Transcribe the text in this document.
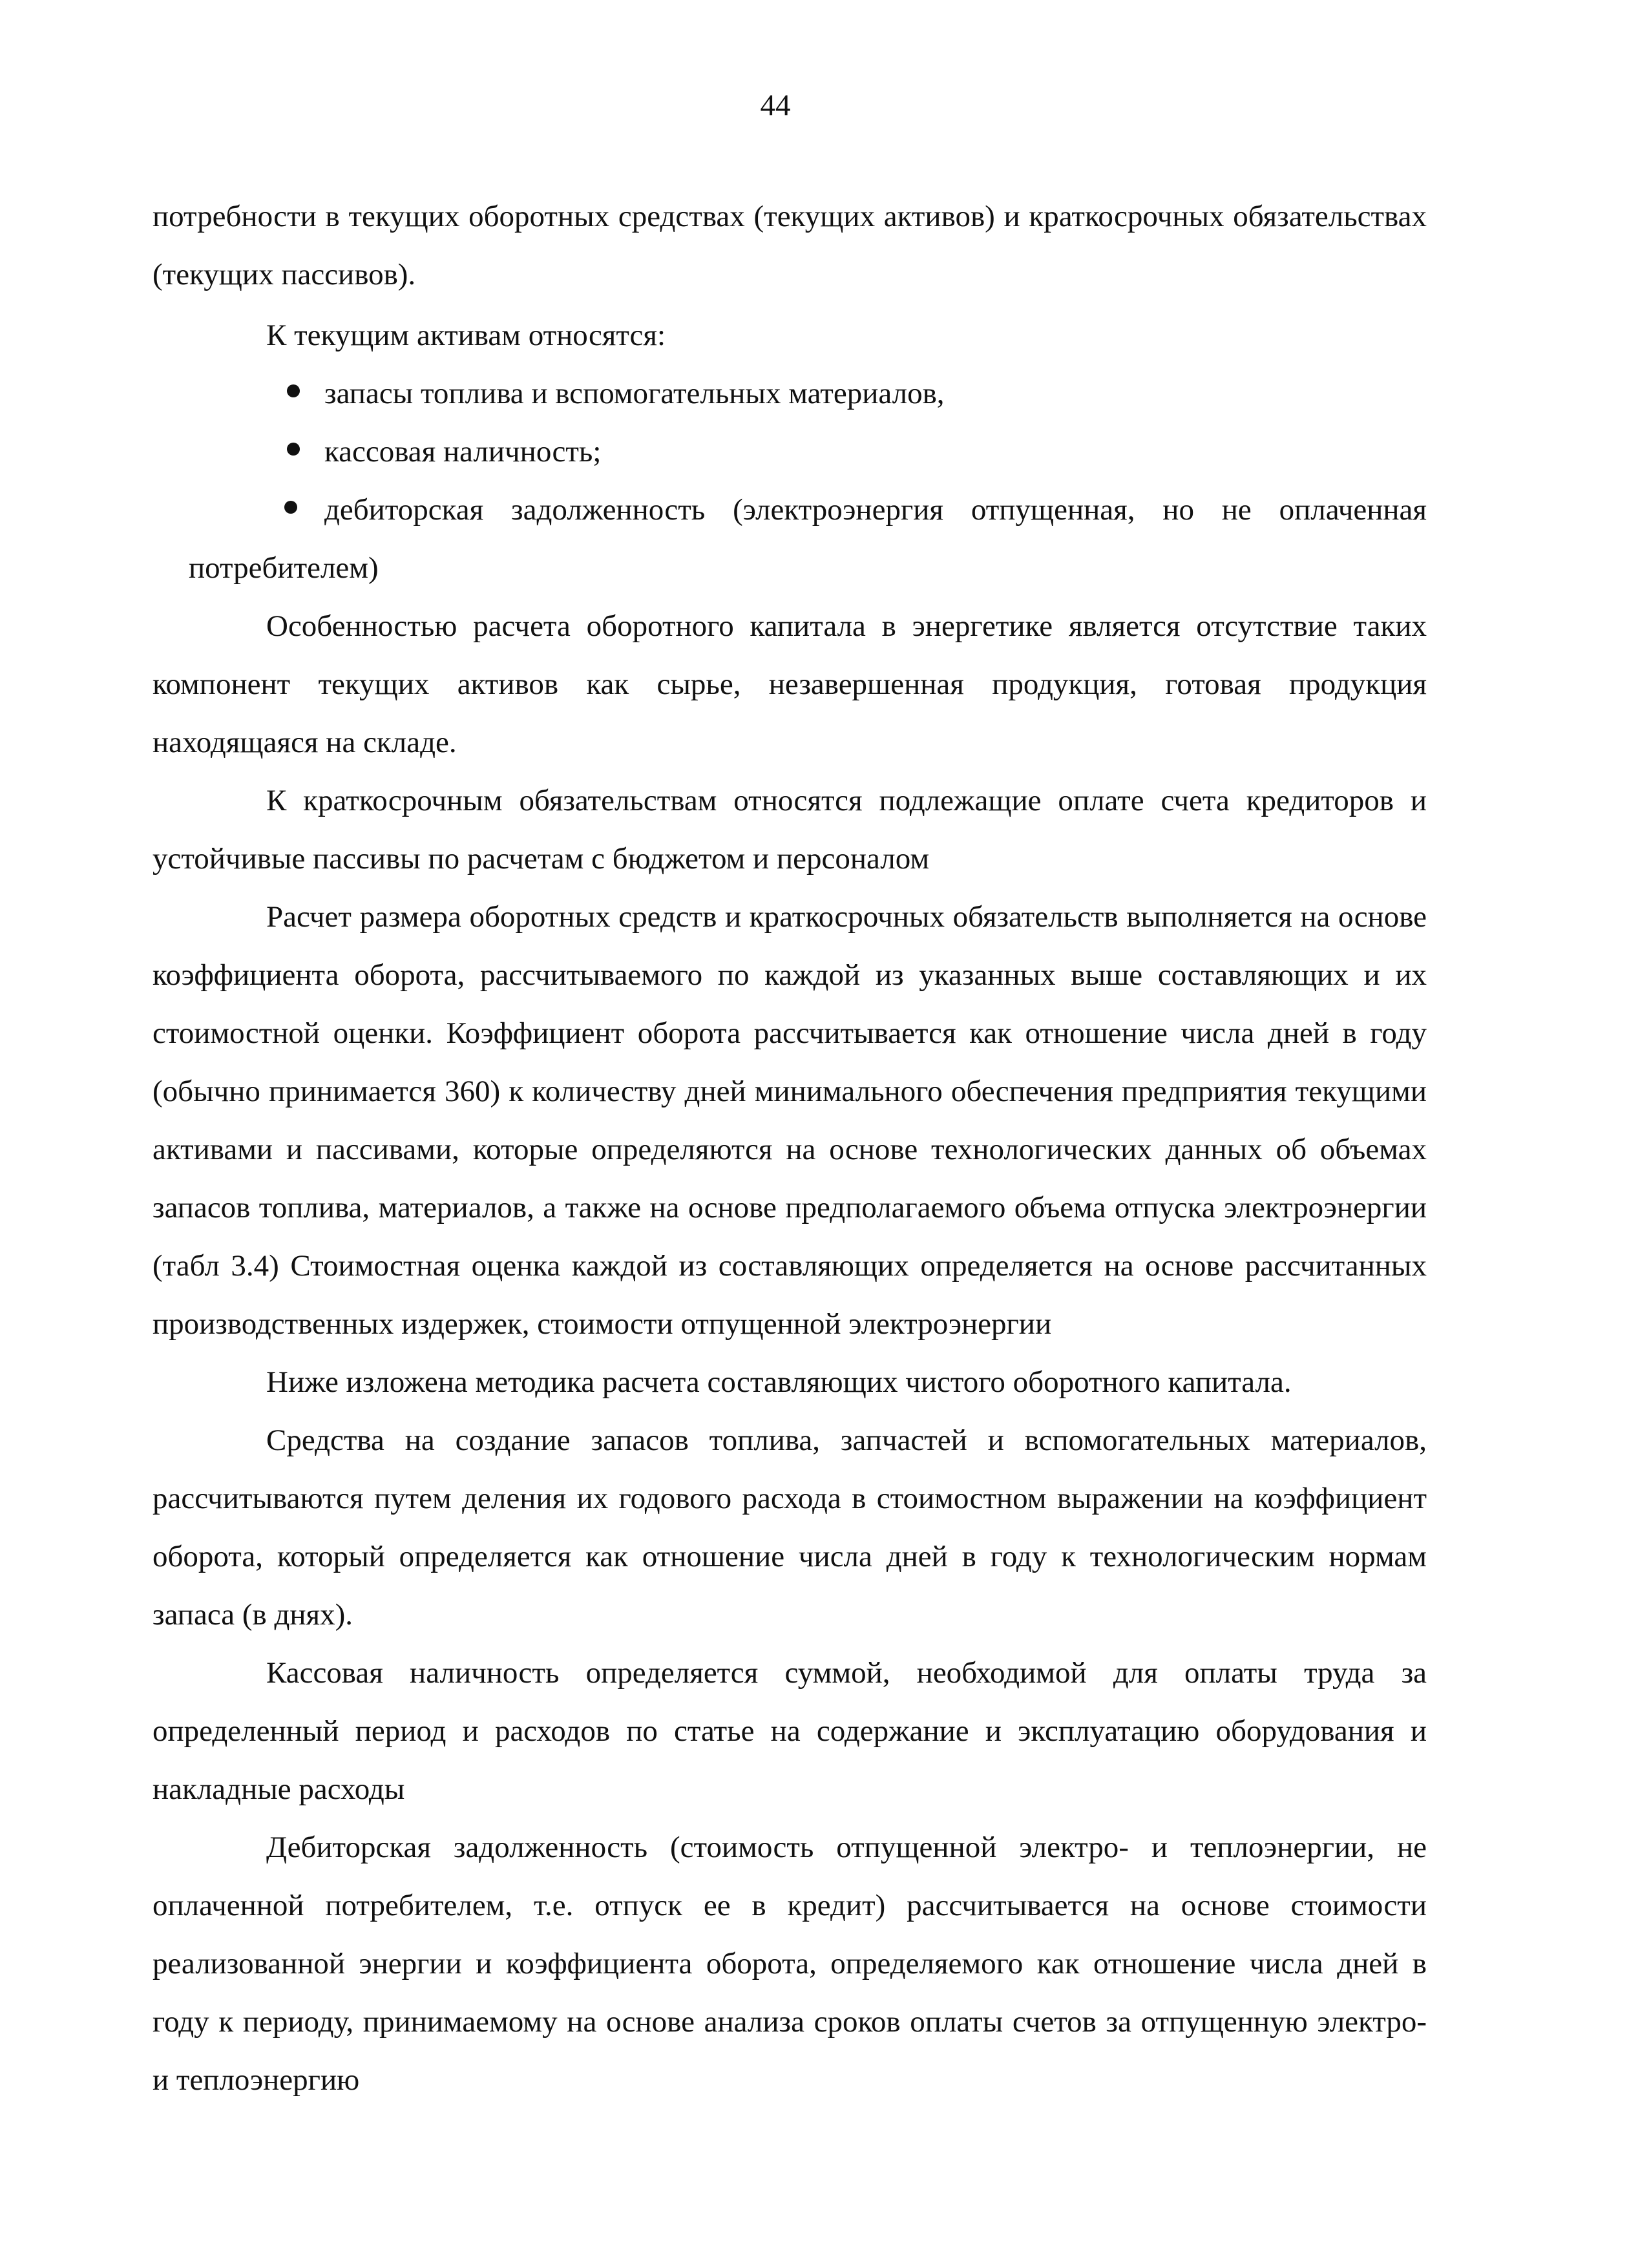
44

потребности в текущих оборотных средствах (текущих активов) и краткосрочных обязательствах (текущих пассивов).

К текущим активам относятся:

запасы топлива и вспомогательных материалов,
кассовая наличность;
дебиторская задолженность (электроэнергия отпущенная, но не оплаченная потребителем)

Особенностью расчета оборотного капитала в энергетике является отсутствие таких компонент текущих активов как сырье, незавершенная продукция, готовая продукция находящаяся на складе.

К краткосрочным обязательствам относятся подлежащие оплате счета кредиторов и устойчивые пассивы по расчетам с бюджетом и персоналом

Расчет размера оборотных средств и краткосрочных обязательств выполняется на основе коэффициента оборота, рассчитываемого по каждой из указанных выше составляющих и их стоимостной оценки. Коэффициент оборота рассчитывается как отношение числа дней в году (обычно принимается 360) к количеству дней минимального обеспечения предприятия текущими активами и пассивами, которые определяются на основе технологических данных об объемах запасов топлива, материалов, а также на основе предполагаемого объема отпуска электроэнергии (табл 3.4) Стоимостная оценка каждой из составляющих определяется на основе рассчитанных производственных издержек, стоимости отпущенной электроэнергии

Ниже изложена методика расчета составляющих чистого оборотного капитала.

Средства на создание запасов топлива, запчастей и вспомогательных материалов, рассчитываются путем деления их годового расхода в стоимостном выражении на коэффициент оборота, который определяется как отношение числа дней в году к технологическим нормам запаса (в днях).

Кассовая наличность определяется суммой, необходимой для оплаты труда за определенный период и расходов по статье на содержание и эксплуатацию оборудования и накладные расходы

Дебиторская задолженность (стоимость отпущенной электро- и теплоэнергии, не оплаченной потребителем, т.е. отпуск ее в кредит) рассчитывается на основе стоимости реализованной энергии и коэффициента оборота, определяемого как отношение числа дней в году к периоду, принимаемому на основе анализа сроков оплаты счетов за отпущенную электро- и теплоэнергию
